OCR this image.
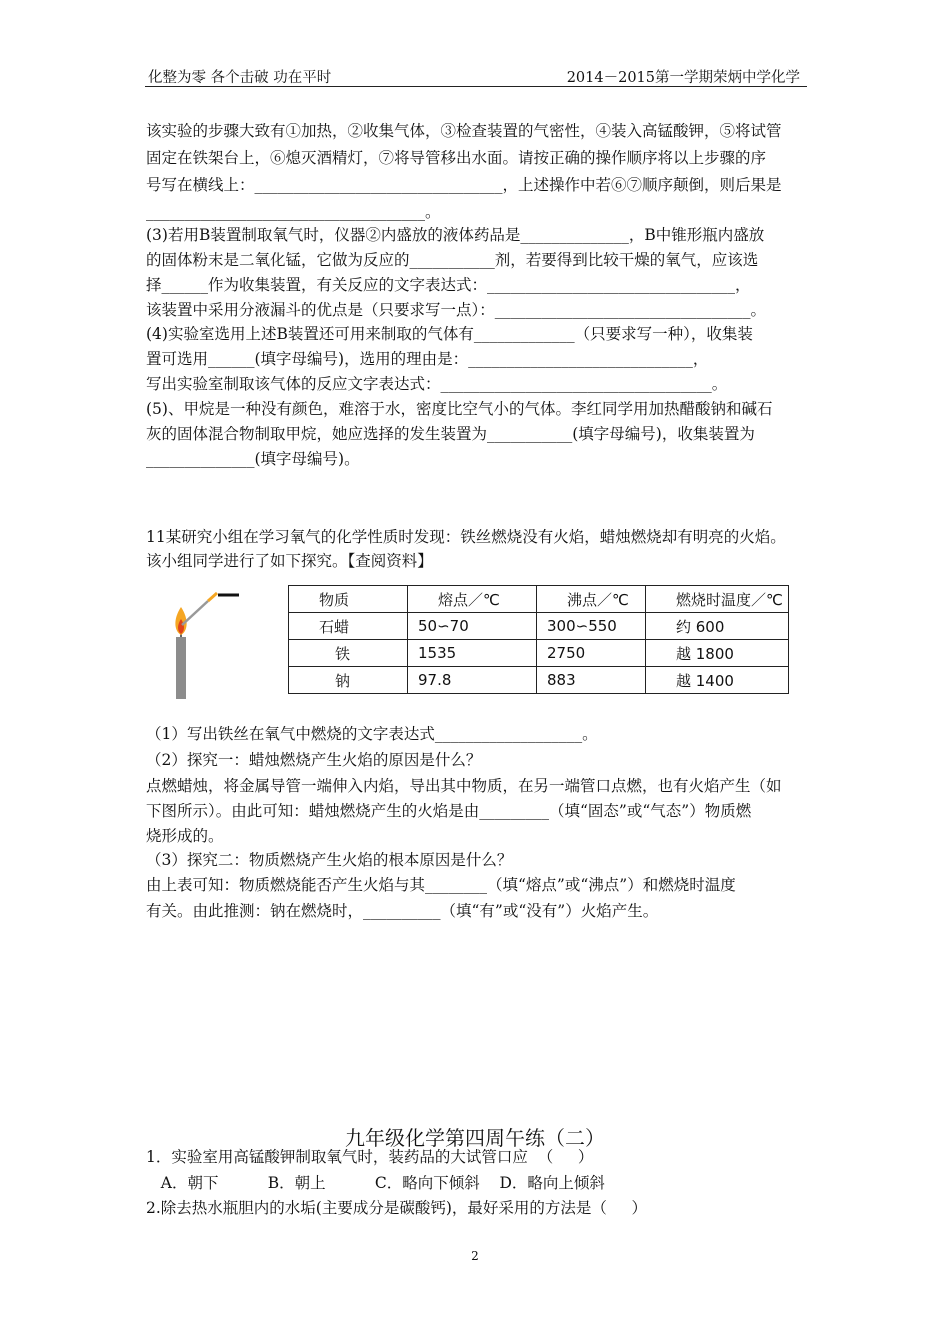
化整为零 各个击破 功在平时	2014－2015第一学期荣炳中学化学
该实验的步骤大致有①加热，②收集气体，③检查装置的气密性，④装入高锰酸钾，⑤将试管
固定在铁架台上，⑥熄灭酒精灯，⑦将导管移出水面。请按正确的操作顺序将以上步骤的序
号写在横线上：________________________________，上述操作中若⑥⑦顺序颠倒，则后果是
____________________________________。
(3)若用B装置制取氧气时，仪器②内盛放的液体药品是______________，B中锥形瓶内盛放
的固体粉末是二氧化锰，它做为反应的___________剂，若要得到比较干燥的氧气，应该选
择______作为收集装置，有关反应的文字表达式：________________________________，
该装置中采用分液漏斗的优点是（只要求写一点）：_________________________________。
(4)实验室选用上述B装置还可用来制取的气体有_____________（只要求写一种），收集装
置可选用______(填字母编号)，选用的理由是：_____________________________，
写出实验室制取该气体的反应文字表达式：___________________________________。
(5)、甲烷是一种没有颜色，难溶于水，密度比空气小的气体。李红同学用加热醋酸钠和碱石
灰的固体混合物制取甲烷，她应选择的发生装置为___________(填字母编号)，收集装置为
______________(填字母编号)。
11某研究小组在学习氧气的化学性质时发现：铁丝燃烧没有火焰，蜡烛燃烧却有明亮的火焰。
该小组同学进行了如下探究。【查阅资料】
物质	熔点／℃	沸点／℃	燃烧时温度／℃
石蜡	50∽70	300∽550	约 600
铁	1535	2750	越 1800
钠	97.8	883	越 1400
（1）写出铁丝在氧气中燃烧的文字表达式___________________。
（2）探究一：蜡烛燃烧产生火焰的原因是什么？
点燃蜡烛，将金属导管一端伸入内焰，导出其中物质，在另一端管口点燃，也有火焰产生（如
下图所示）。由此可知：蜡烛燃烧产生的火焰是由_________（填“固态”或“气态”）物质燃
烧形成的。
（3）探究二：物质燃烧产生火焰的根本原因是什么？
由上表可知：物质燃烧能否产生火焰与其________（填“熔点”或“沸点”）和燃烧时温度
有关。由此推测：钠在燃烧时，__________（填“有”或“没有”）火焰产生。
九年级化学第四周午练（二）
1．实验室用高锰酸钾制取氧气时，装药品的大试管口应  （     ）
A．朝下          B．朝上          C．略向下倾斜    D．略向上倾斜
2.除去热水瓶胆内的水垢(主要成分是碳酸钙)，最好采用的方法是（     ）
2
